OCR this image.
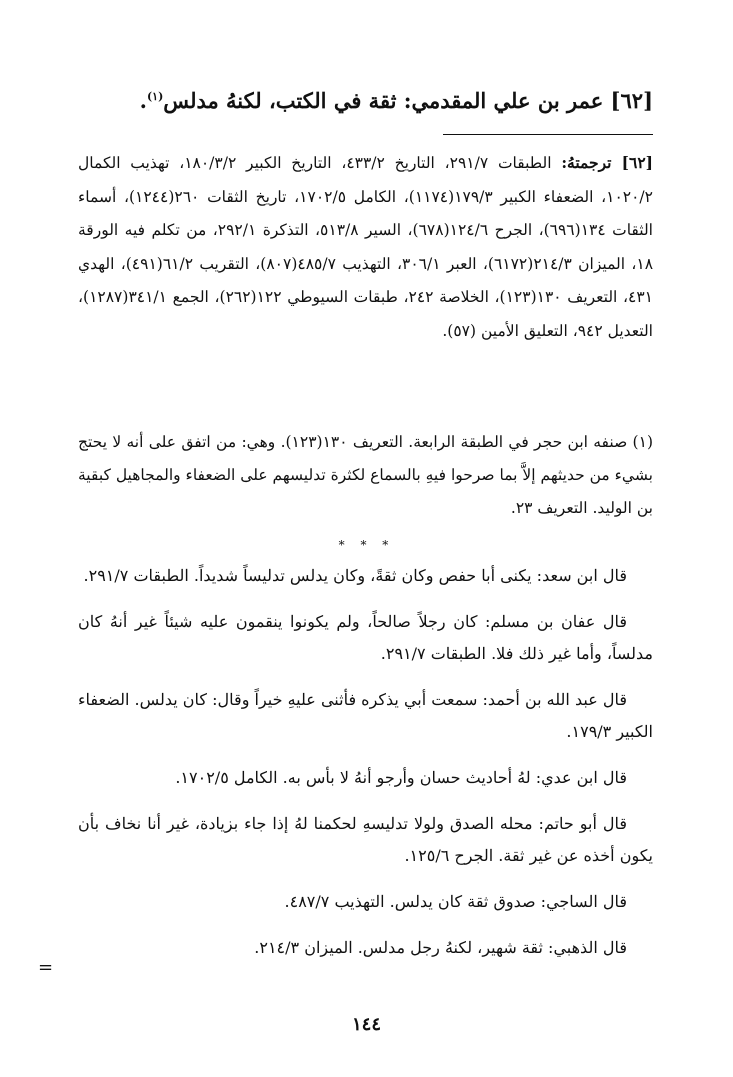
[٦٢] عمر بن علي المقدمي: ثقة في الكتب، لكنهُ مدلس$^{(١)}$.
[٦٢] ترجمتهُ: الطبقات ٢٩١/٧، التاريخ ٤٣٣/٢، التاريخ الكبير ١٨٠/٣/٢، تهذيب الكمال ١٠٢٠/٢، الضعفاء الكبير ١٧٩/٣(١١٧٤)، الكامل ١٧٠٢/٥، تاريخ الثقات ٢٦٠(١٢٤٤)، أسماء الثقات ١٣٤(٦٩٦)، الجرح ١٢٤/٦(٦٧٨)، السير ٥١٣/٨، التذكرة ٢٩٢/١، من تكلم فيه الورقة ١٨، الميزان ٢١٤/٣(٦١٧٢)، العبر ٣٠٦/١، التهذيب ٤٨٥/٧(٨٠٧)، التقريب ٦١/٢(٤٩١)، الهدي ٤٣١، التعريف ١٣٠(١٢٣)، الخلاصة ٢٤٢، طبقات السيوطي ١٢٢(٢٦٢)، الجمع ٣٤١/١(١٢٨٧)، التعديل ٩٤٢، التعليق الأمين (٥٧).
(١) صنفه ابن حجر في الطبقة الرابعة. التعريف ١٣٠(١٢٣). وهي: من اتفق على أنه لا يحتج بشيء من حديثهم إلاَّ بما صرحوا فيهِ بالسماع لكثرة تدليسهم على الضعفاء والمجاهيل كبقية بن الوليد. التعريف ٢٣.
* * *

قال ابن سعد: يكنى أبا حفص وكان ثقةً، وكان يدلس تدليساً شديداً. الطبقات ٢٩١/٧.

قال عفان بن مسلم: كان رجلاً صالحاً، ولم يكونوا ينقمون عليه شيئاً غير أنهُ كان مدلساً، وأما غير ذلك فلا. الطبقات ٢٩١/٧.

قال عبد الله بن أحمد: سمعت أبي يذكره فأثنى عليهِ خيراً وقال: كان يدلس. الضعفاء الكبير ١٧٩/٣.

قال ابن عدي: لهُ أحاديث حسان وأرجو أنهُ لا بأس به. الكامل ١٧٠٢/٥.

قال أبو حاتم: محله الصدق ولولا تدليسهِ لحكمنا لهُ إذا جاء بزيادة، غير أنا نخاف بأن يكون أخذه عن غير ثقة. الجرح ١٢٥/٦.

قال الساجي: صدوق ثقة كان يدلس. التهذيب ٤٨٧/٧.

قال الذهبي: ثقة شهير، لكنهُ رجل مدلس. الميزان ٢١٤/٣.

=
١٤٤
